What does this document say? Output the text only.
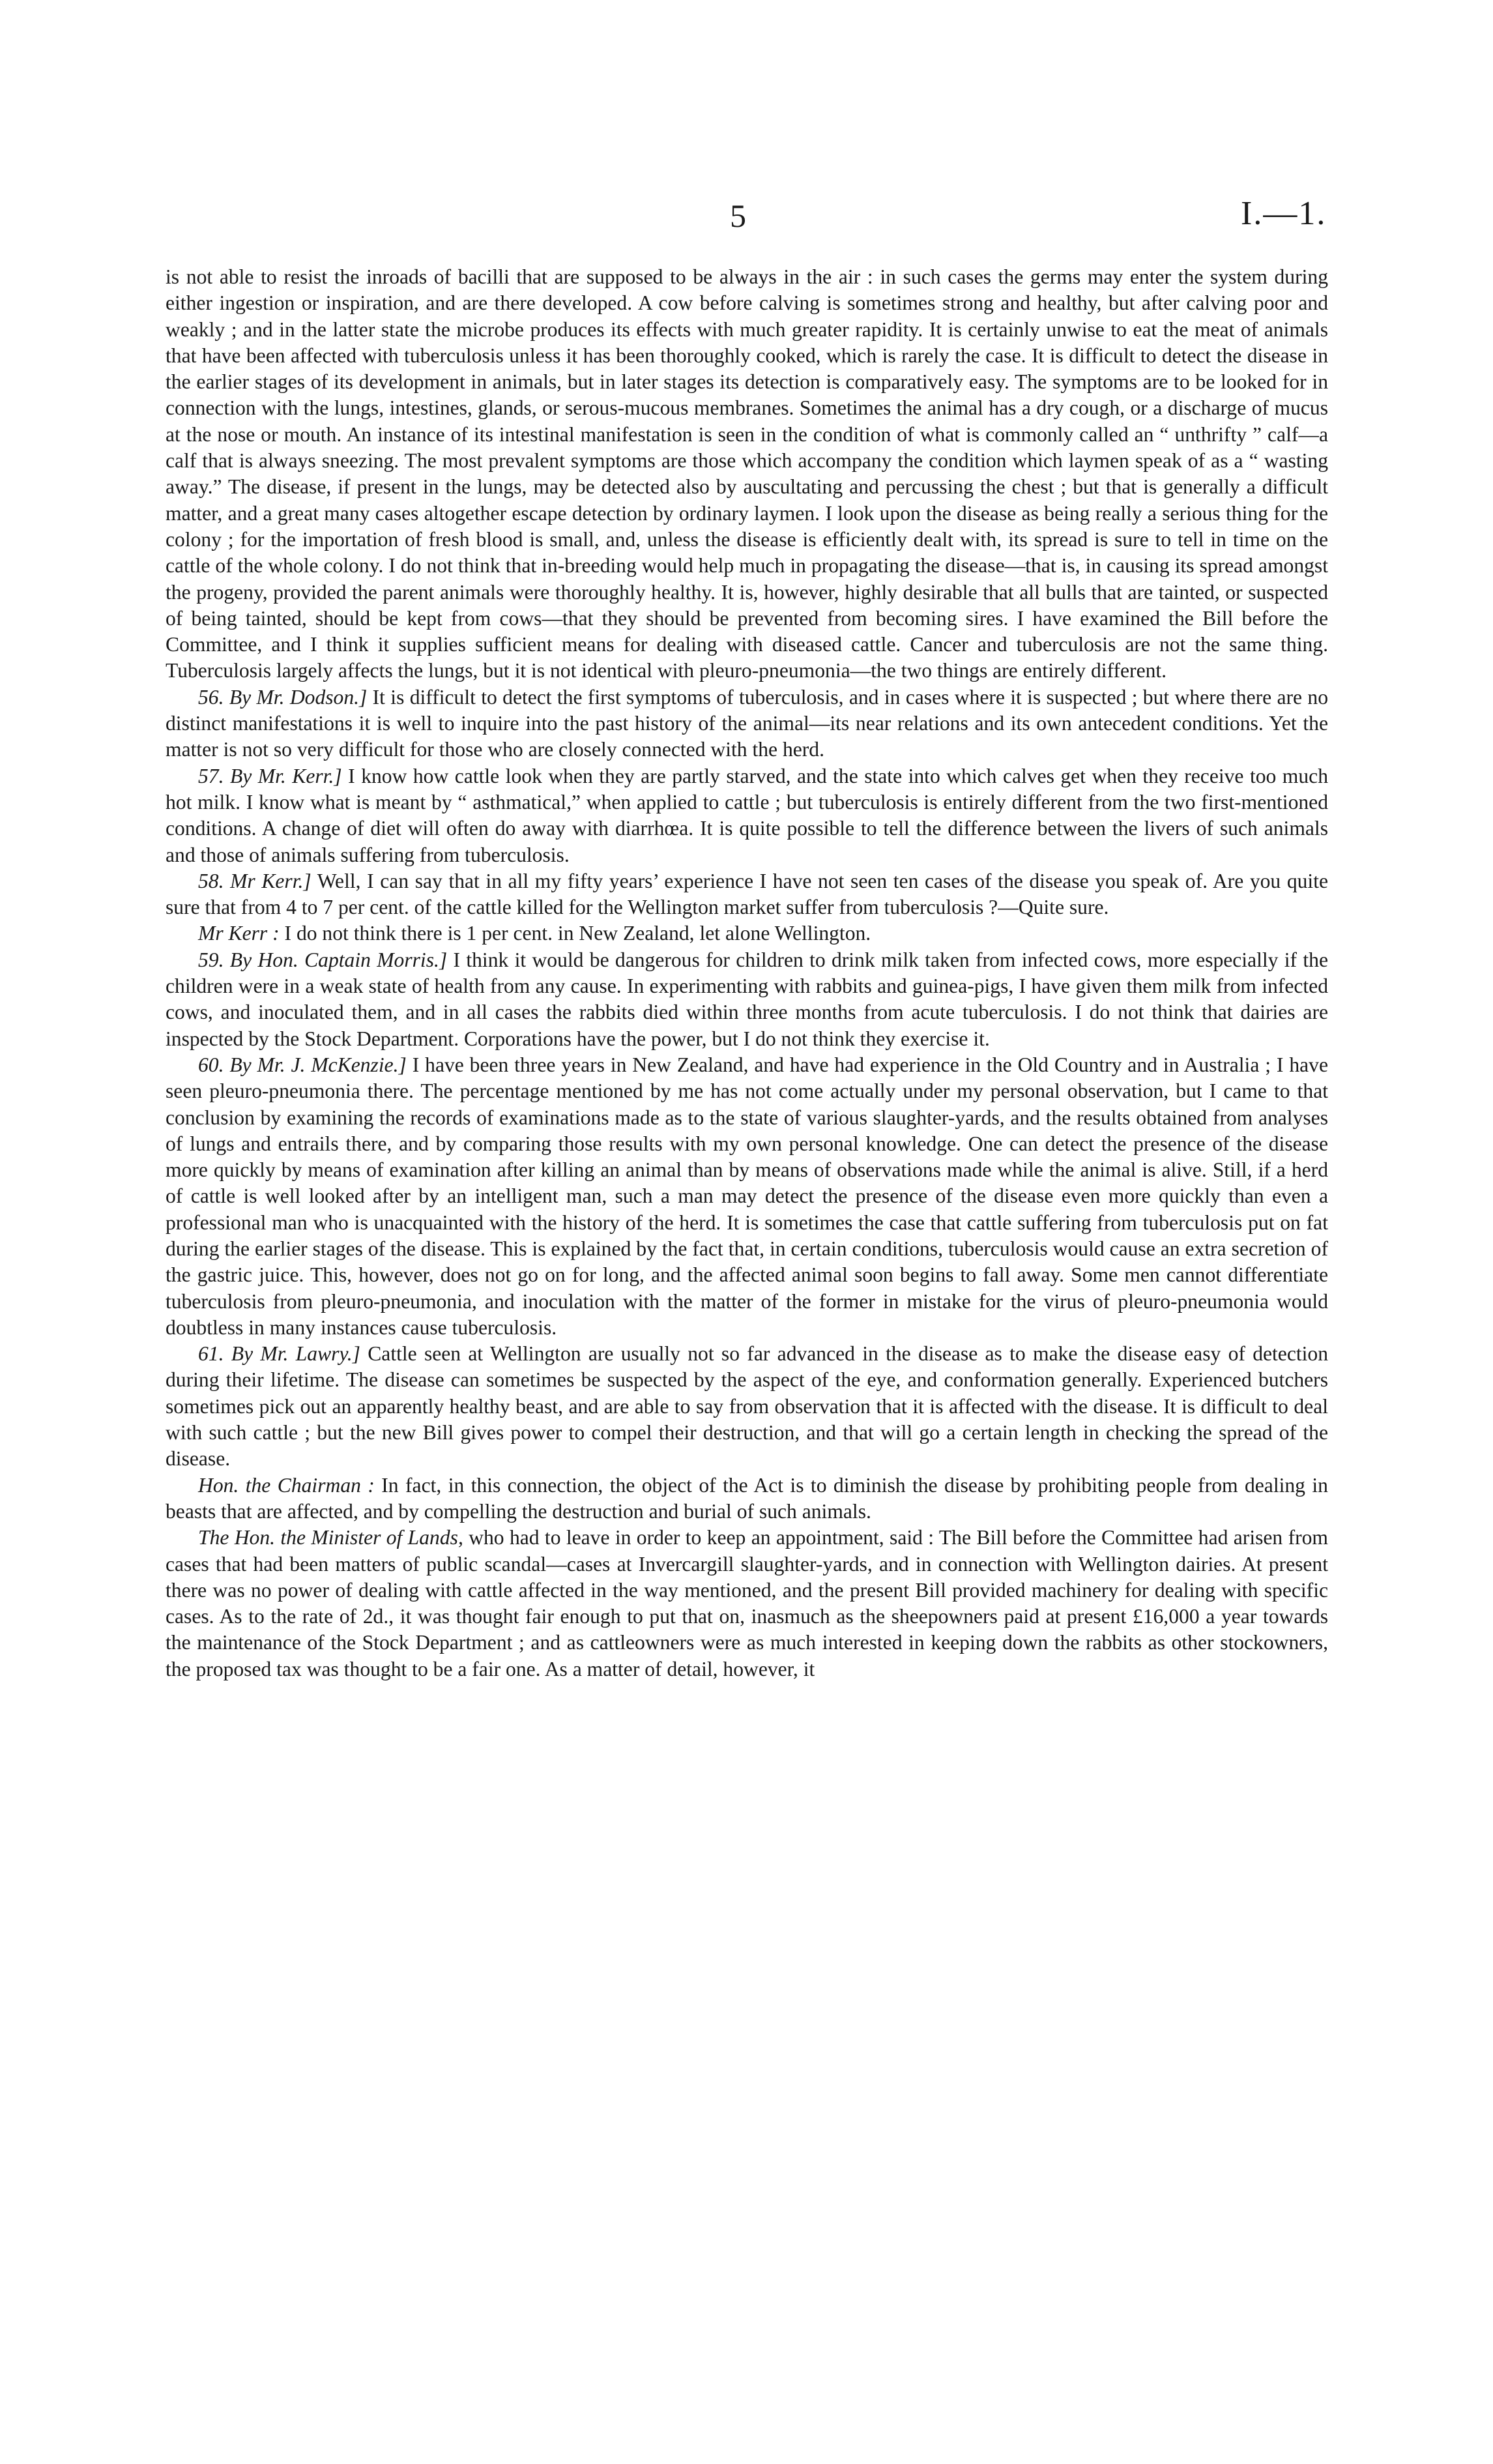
5	I.—1.

is not able to resist the inroads of bacilli that are supposed to be always in the air : in such cases the germs may enter the system during either ingestion or inspiration, and are there developed. A cow before calving is sometimes strong and healthy, but after calving poor and weakly ; and in the latter state the microbe produces its effects with much greater rapidity. It is certainly unwise to eat the meat of animals that have been affected with tuberculosis unless it has been thoroughly cooked, which is rarely the case. It is difficult to detect the disease in the earlier stages of its development in animals, but in later stages its detection is comparatively easy. The symptoms are to be looked for in connection with the lungs, intestines, glands, or serous-mucous membranes. Sometimes the animal has a dry cough, or a discharge of mucus at the nose or mouth. An instance of its intestinal manifestation is seen in the condition of what is commonly called an “ unthrifty ” calf—a calf that is always sneezing. The most prevalent symptoms are those which accompany the condition which laymen speak of as a “ wasting away.” The disease, if present in the lungs, may be detected also by auscultating and percussing the chest ; but that is generally a difficult matter, and a great many cases altogether escape detection by ordinary laymen. I look upon the disease as being really a serious thing for the colony ; for the importation of fresh blood is small, and, unless the disease is efficiently dealt with, its spread is sure to tell in time on the cattle of the whole colony. I do not think that in-breeding would help much in propagating the disease—that is, in causing its spread amongst the progeny, provided the parent animals were thoroughly healthy. It is, however, highly desirable that all bulls that are tainted, or suspected of being tainted, should be kept from cows—that they should be prevented from becoming sires. I have examined the Bill before the Committee, and I think it supplies sufficient means for dealing with diseased cattle. Cancer and tuberculosis are not the same thing. Tuberculosis largely affects the lungs, but it is not identical with pleuro-pneumonia—the two things are entirely different.

56. By Mr. Dodson.] It is difficult to detect the first symptoms of tuberculosis, and in cases where it is suspected ; but where there are no distinct manifestations it is well to inquire into the past history of the animal—its near relations and its own antecedent conditions. Yet the matter is not so very difficult for those who are closely connected with the herd.

57. By Mr. Kerr.] I know how cattle look when they are partly starved, and the state into which calves get when they receive too much hot milk. I know what is meant by “ asthmatical,” when applied to cattle ; but tuberculosis is entirely different from the two first-mentioned conditions. A change of diet will often do away with diarrhœa. It is quite possible to tell the difference between the livers of such animals and those of animals suffering from tuberculosis.

58. Mr Kerr.] Well, I can say that in all my fifty years’ experience I have not seen ten cases of the disease you speak of. Are you quite sure that from 4 to 7 per cent. of the cattle killed for the Wellington market suffer from tuberculosis ?—Quite sure.

Mr Kerr : I do not think there is 1 per cent. in New Zealand, let alone Wellington.

59. By Hon. Captain Morris.] I think it would be dangerous for children to drink milk taken from infected cows, more especially if the children were in a weak state of health from any cause. In experimenting with rabbits and guinea-pigs, I have given them milk from infected cows, and inoculated them, and in all cases the rabbits died within three months from acute tuberculosis. I do not think that dairies are inspected by the Stock Department. Corporations have the power, but I do not think they exercise it.

60. By Mr. J. McKenzie.] I have been three years in New Zealand, and have had experience in the Old Country and in Australia ; I have seen pleuro-pneumonia there. The percentage mentioned by me has not come actually under my personal observation, but I came to that conclusion by examining the records of examinations made as to the state of various slaughter-yards, and the results obtained from analyses of lungs and entrails there, and by comparing those results with my own personal knowledge. One can detect the presence of the disease more quickly by means of examination after killing an animal than by means of observations made while the animal is alive. Still, if a herd of cattle is well looked after by an intelligent man, such a man may detect the presence of the disease even more quickly than even a professional man who is unacquainted with the history of the herd. It is sometimes the case that cattle suffering from tuberculosis put on fat during the earlier stages of the disease. This is explained by the fact that, in certain conditions, tuberculosis would cause an extra secretion of the gastric juice. This, however, does not go on for long, and the affected animal soon begins to fall away. Some men cannot differentiate tuberculosis from pleuro-pneumonia, and inoculation with the matter of the former in mistake for the virus of pleuro-pneumonia would doubtless in many instances cause tuberculosis.

61. By Mr. Lawry.] Cattle seen at Wellington are usually not so far advanced in the disease as to make the disease easy of detection during their lifetime. The disease can sometimes be suspected by the aspect of the eye, and conformation generally. Experienced butchers sometimes pick out an apparently healthy beast, and are able to say from observation that it is affected with the disease. It is difficult to deal with such cattle ; but the new Bill gives power to compel their destruction, and that will go a certain length in checking the spread of the disease.

Hon. the Chairman : In fact, in this connection, the object of the Act is to diminish the disease by prohibiting people from dealing in beasts that are affected, and by compelling the destruction and burial of such animals.

The Hon. the Minister of Lands, who had to leave in order to keep an appointment, said : The Bill before the Committee had arisen from cases that had been matters of public scandal—cases at Invercargill slaughter-yards, and in connection with Wellington dairies. At present there was no power of dealing with cattle affected in the way mentioned, and the present Bill provided machinery for dealing with specific cases. As to the rate of 2d., it was thought fair enough to put that on, inasmuch as the sheepowners paid at present £16,000 a year towards the maintenance of the Stock Department ; and as cattleowners were as much interested in keeping down the rabbits as other stockowners, the proposed tax was thought to be a fair one. As a matter of detail, however, it
